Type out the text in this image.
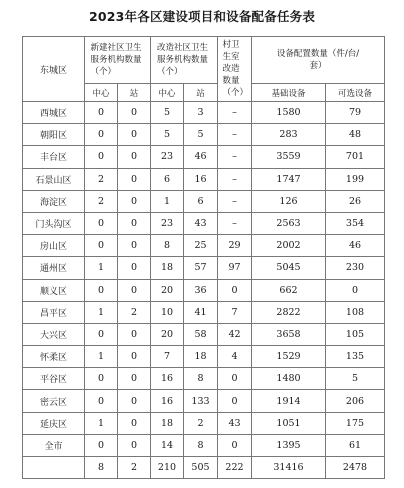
2023年各区建设项目和设备配备任务表
东城区	新建社区卫生服务机构数量（个）		改造社区卫生服务机构数量（个）		村卫生室改造数量（个）	设备配置数量（件/台/套）	
	中心	站	中心	站		基础设备	可选设备
西城区	0	0	5	3	–	1580	79
朝阳区	0	0	5	5	–	283	48
丰台区	0	0	23	46	–	3559	701
石景山区	2	0	6	16	–	1747	199
海淀区	2	0	1	6	–	126	26
门头沟区	0	0	23	43	–	2563	354
房山区	0	0	8	25	29	2002	46
通州区	1	0	18	57	97	5045	230
顺义区	0	0	20	36	0	662	0
昌平区	1	2	10	41	7	2822	108
大兴区	0	0	20	58	42	3658	105
怀柔区	1	0	7	18	4	1529	135
平谷区	0	0	16	8	0	1480	5
密云区	0	0	16	133	0	1914	206
延庆区	1	0	18	2	43	1051	175
全市	0	0	14	8	0	1395	61
	8	2	210	505	222	31416	2478
